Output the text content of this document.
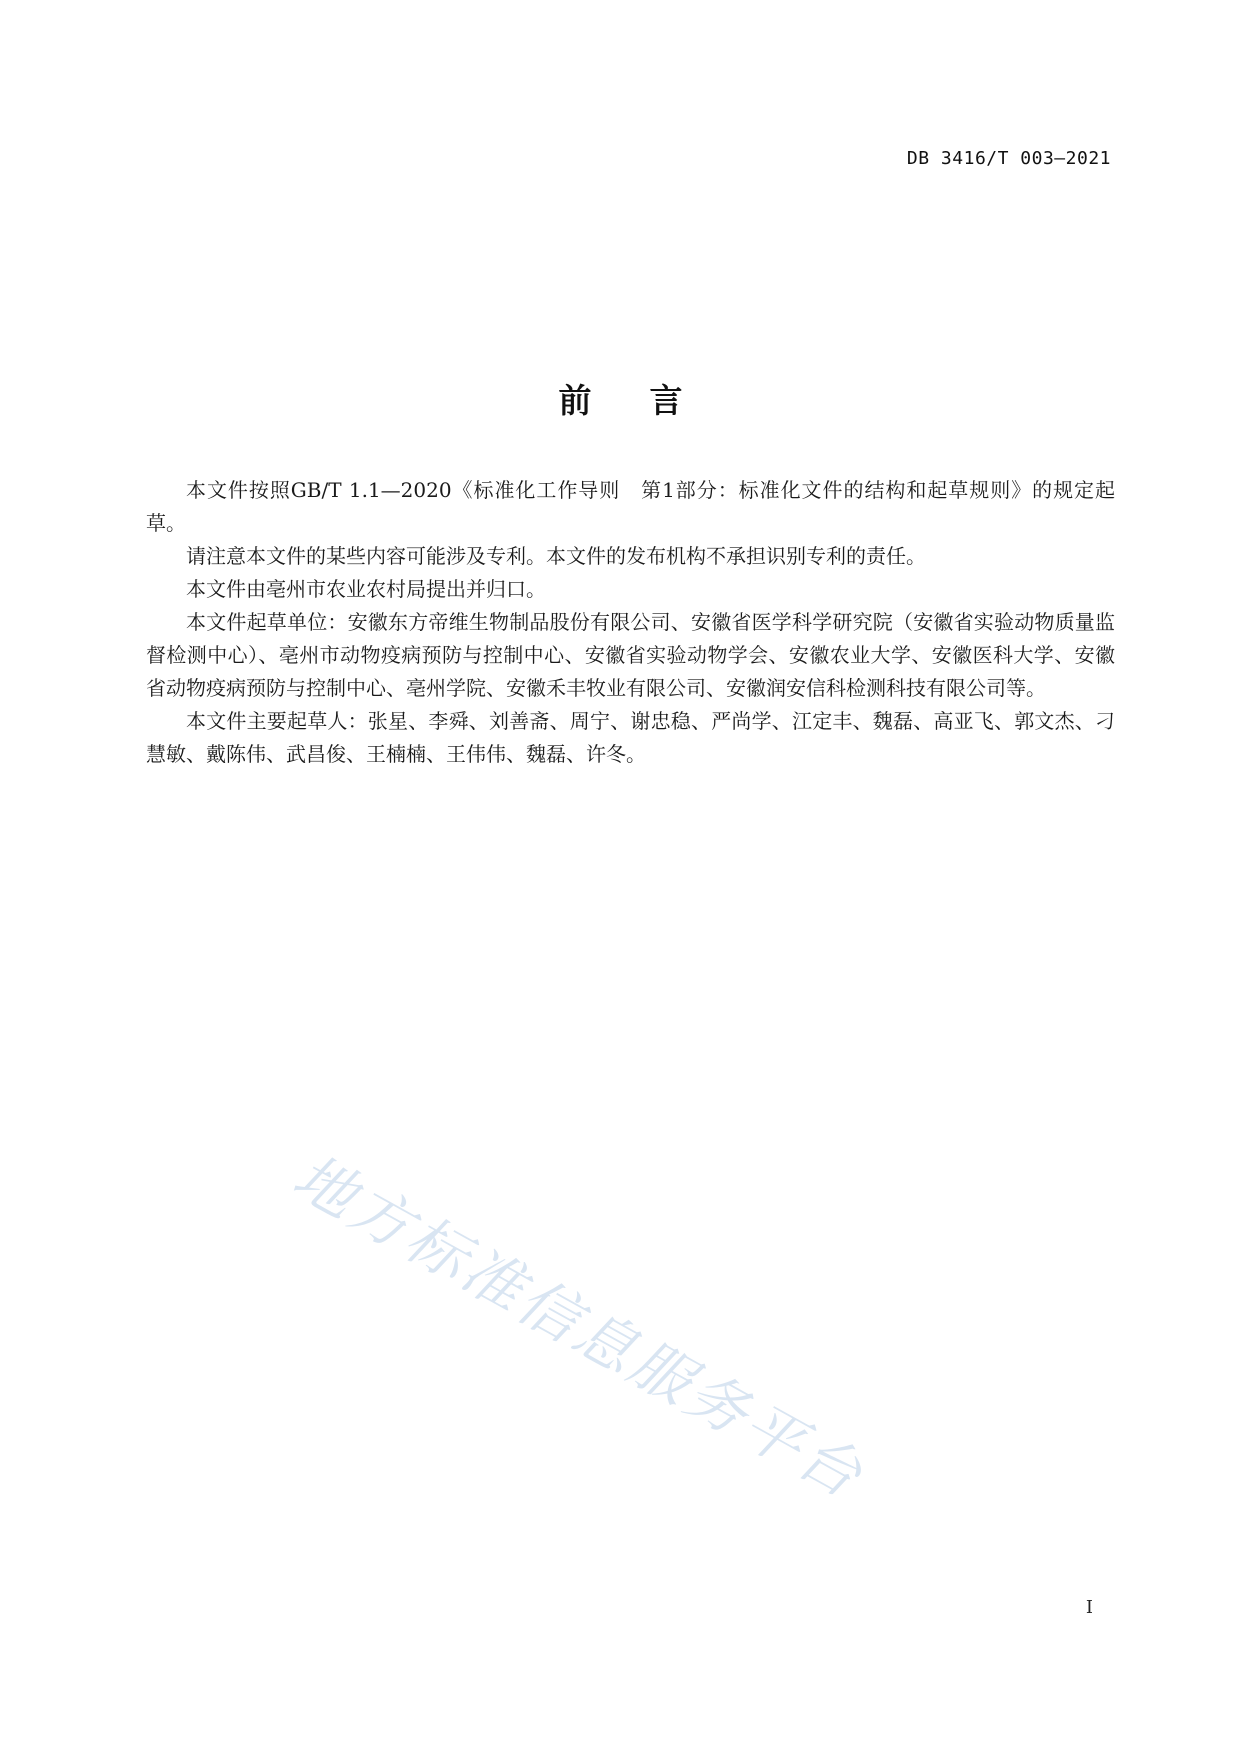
DB 3416/T 003—2021
前言

本文件按照GB/T 1.1—2020《标准化工作导则　第1部分：标准化文件的结构和起草规则》的规定起草。

请注意本文件的某些内容可能涉及专利。本文件的发布机构不承担识别专利的责任。

本文件由亳州市农业农村局提出并归口。

本文件起草单位：安徽东方帝维生物制品股份有限公司、安徽省医学科学研究院（安徽省实验动物质量监督检测中心）、亳州市动物疫病预防与控制中心、安徽省实验动物学会、安徽农业大学、安徽医科大学、安徽省动物疫病预防与控制中心、亳州学院、安徽禾丰牧业有限公司、安徽润安信科检测科技有限公司等。

本文件主要起草人：张星、李舜、刘善斋、周宁、谢忠稳、严尚学、江定丰、魏磊、高亚飞、郭文杰、刁慧敏、戴陈伟、武昌俊、王楠楠、王伟伟、魏磊、许冬。

地方标准信息服务平台
I
